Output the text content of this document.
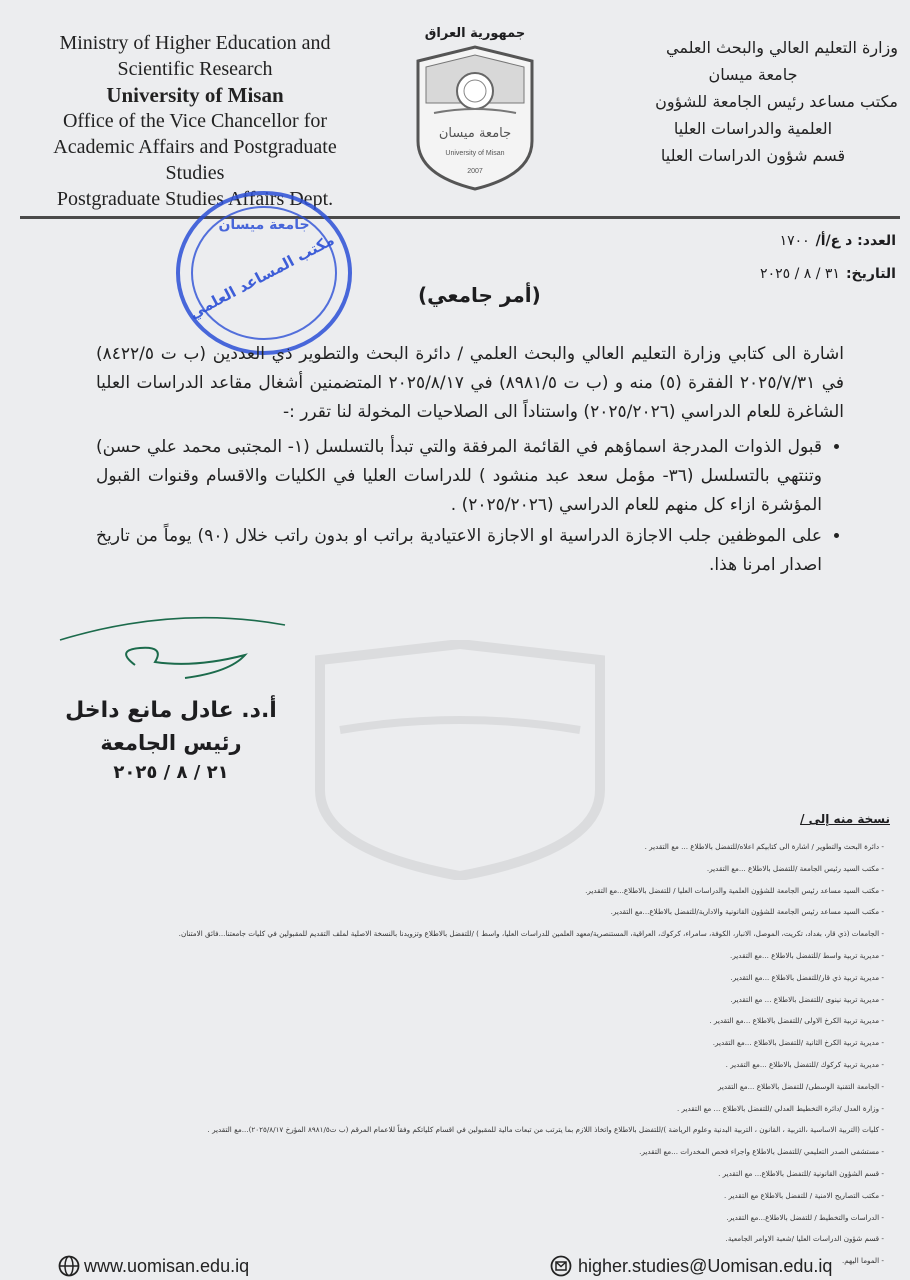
Ministry of Higher Education and Scientific Research
University of Misan
Office of the Vice Chancellor for Academic Affairs and Postgraduate Studies
Postgraduate Studies Affairs Dept.
جمهورية العراق
جامعة ميسان
University of Misan
2007
وزارة التعليم العالي والبحث العلمي
جامعة ميسان
مكتب مساعد رئيس الجامعة للشؤون
العلمية والدراسات العليا
قسم شؤون الدراسات العليا
العدد: د ع/أ/١٧٠٠
التاريخ:٣١ / ٨ / ٢٠٢٥
(أمر جامعي)
جامعة ميسان
مكتب المساعد العلمي

اشارة الى كتابي وزارة التعليم العالي والبحث العلمي / دائرة البحث والتطوير ذي العددين (ب ت ٨٤٢٢/٥) في ٢٠٢٥/٧/٣١ الفقرة (٥) منه و (ب ت ٨٩٨١/٥) في ٢٠٢٥/٨/١٧ المتضمنين أشغال مقاعد الدراسات العليا الشاغرة للعام الدراسي (٢٠٢٥/٢٠٢٦) واستناداً الى الصلاحيات المخولة لنا تقرر :-

• قبول الذوات المدرجة اسماؤهم في القائمة المرفقة والتي تبدأ بالتسلسل (١- المجتبى محمد علي حسن) وتنتهي بالتسلسل (٣٦- مؤمل سعد عبد منشود ) للدراسات العليا في الكليات والاقسام وقنوات القبول المؤشرة ازاء كل منهم للعام الدراسي (٢٠٢٥/٢٠٢٦) .
• على الموظفين جلب الاجازة الدراسية او الاجازة الاعتيادية براتب او بدون راتب خلال (٩٠) يوماً من تاريخ اصدار امرنا هذا.
أ.د. عادل مانع داخل
رئيس الجامعة
٢١ / ٨ / ٢٠٢٥
نسخة منه إلى /
- دائرة البحث والتطوير / اشارة الى كتابيكم اعلاه/للتفضل بالاطلاع ... مع التقدير .
- مكتب السيد رئيس الجامعة /للتفضل بالاطلاع ...مع التقدير.
- مكتب السيد مساعد رئيس الجامعة للشؤون العلمية والدراسات العليا / للتفضل بالاطلاع...مع التقدير.
- مكتب السيد مساعد رئيس الجامعة للشؤون القانونية والادارية/للتفضل بالاطلاع...مع التقدير.
- الجامعات (ذي قار، بغداد، تكريت، الموصل، الانبار، الكوفة، سامراء، كركوك، العراقية، المستنصرية/معهد العلمين للدراسات العليا، واسط ) /للتفضل بالاطلاع وتزويدنا بالنسخة الاصلية لملف التقديم للمقبولين في كليات جامعتنا...فائق الامتنان.
- مديرية تربية واسط /للتفضل بالاطلاع ...مع التقدير.
- مديرية تربية ذي قار/للتفضل بالاطلاع ...مع التقدير.
- مديرية تربية نينوى /للتفضل بالاطلاع ... مع التقدير.
- مديرية تربية الكرخ الاولى /للتفضل بالاطلاع ...مع التقدير .
- مديرية تربية الكرخ الثانية /للتفضل بالاطلاع ...مع التقدير.
- مديرية تربية كركوك /للتفضل بالاطلاع ...مع التقدير .
- الجامعة التقنية الوسطى/ للتفضل بالاطلاع ...مع التقدير
- وزارة العدل /دائرة التخطيط العدلي /للتفضل بالاطلاع ... مع التقدير .
- كليات (التربية الاساسية ،التربية ، القانون ، التربية البدنية وعلوم الرياضة )/للتفضل بالاطلاع واتخاذ اللازم بما يترتب من تبعات مالية للمقبولين في اقسام كلياتكم وفقاً للاعمام المرقم (ب ت٨٩٨١/٥ المؤرخ ٢٠٢٥/٨/١٧)...مع التقدير .
- مستشفى الصدر التعليمي /للتفضل بالاطلاع واجراء فحص المخدرات ...مع التقدير.
- قسم الشؤون القانونية /للتفضل بالاطلاع... مع التقدير .
- مكتب التصاريح الامنية / للتفضل بالاطلاع مع التقدير .
- الدراسات والتخطيط / للتفضل بالاطلاع...مع التقدير.
- قسم شؤون الدراسات العليا /شعبة الاوامر الجامعية.
- الموما اليهم.
www.uomisan.edu.iq	higher.studies@Uomisan.edu.iq
